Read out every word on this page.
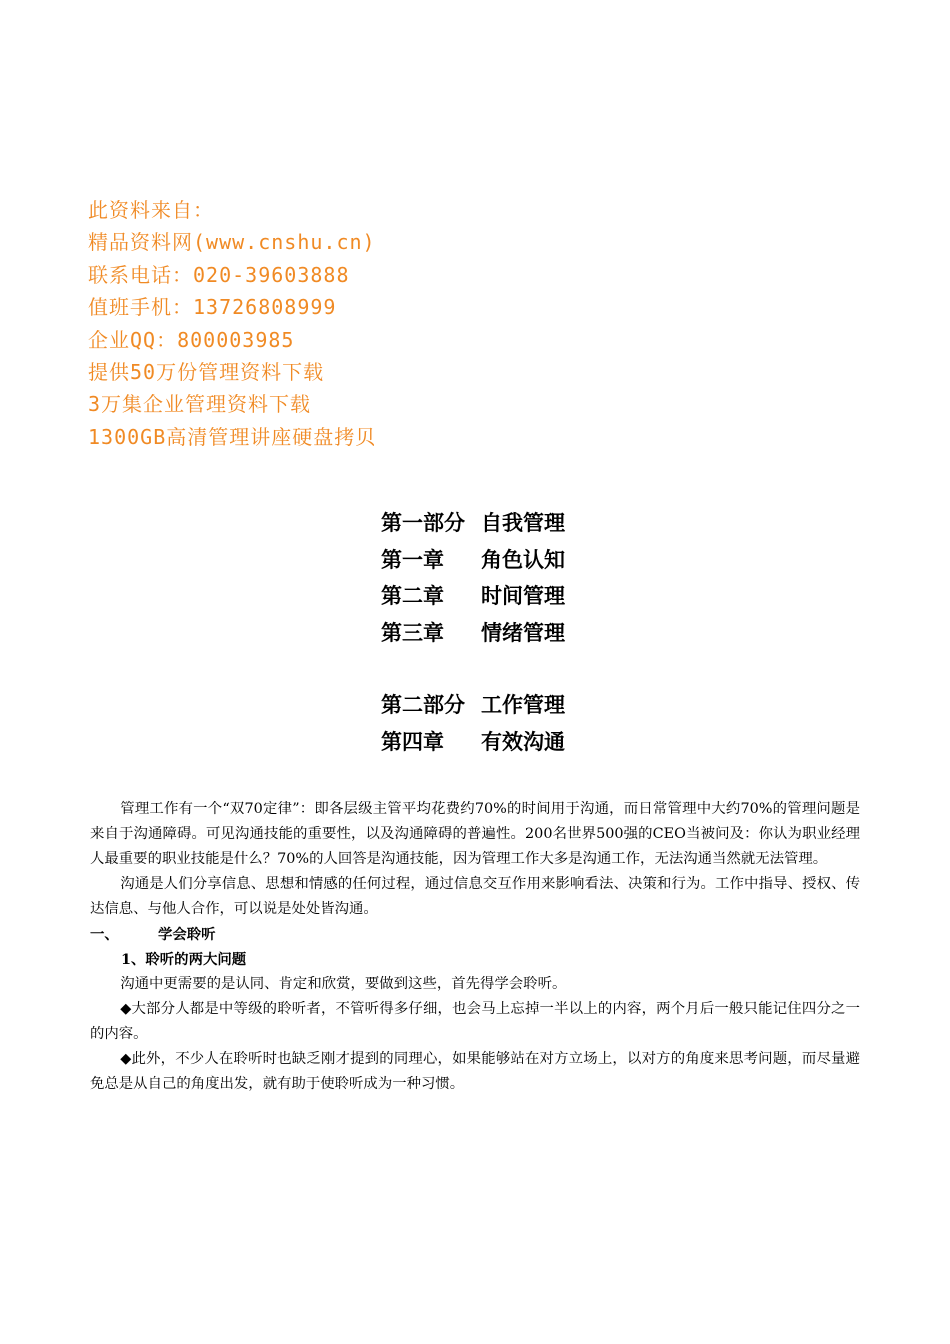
此资料来自：
精品资料网(www.cnshu.cn)
联系电话：020-39603888
值班手机：13726808999
企业QQ：800003985
提供50万份管理资料下载
3万集企业管理资料下载
1300GB高清管理讲座硬盘拷贝
第一部分 自我管理
第一章 角色认知
第二章 时间管理
第三章 情绪管理
第二部分 工作管理
第四章 有效沟通

管理工作有一个“双70定律”：即各层级主管平均花费约70%的时间用于沟通，而日常管理中大约70%的管理问题是来自于沟通障碍。可见沟通技能的重要性，以及沟通障碍的普遍性。200名世界500强的CEO当被问及：你认为职业经理人最重要的职业技能是什么？70%的人回答是沟通技能，因为管理工作大多是沟通工作，无法沟通当然就无法管理。

沟通是人们分享信息、思想和情感的任何过程，通过信息交互作用来影响看法、决策和行为。工作中指导、授权、传达信息、与他人合作，可以说是处处皆沟通。

一、	学会聆听

1、聆听的两大问题

沟通中更需要的是认同、肯定和欣赏，要做到这些，首先得学会聆听。

◆大部分人都是中等级的聆听者，不管听得多仔细，也会马上忘掉一半以上的内容，两个月后一般只能记住四分之一的内容。

◆此外，不少人在聆听时也缺乏刚才提到的同理心，如果能够站在对方立场上，以对方的角度来思考问题，而尽量避免总是从自己的角度出发，就有助于使聆听成为一种习惯。
